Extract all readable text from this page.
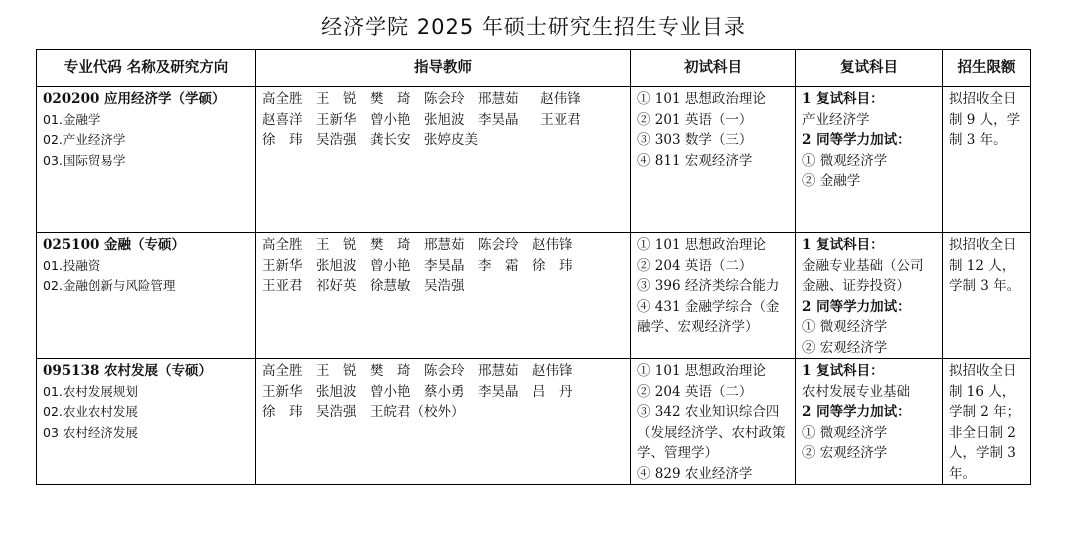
经济学院 2025 年硕士研究生招生专业目录
专业代码 名称及研究方向	指导教师	初试科目	复试科目	招生限额

020200 应用经济学（学硕）
01.金融学
02.产业经济学
03.国际贸易学	高全胜　王　锐　樊　琦　陈会玲　邢慧茹　 赵伟锋
赵喜洋　王新华　曾小艳　张旭波　李昊晶　 王亚君
徐　玮　吴浩强　龚长安　张婷皮美	① 101 思想政治理论
② 201 英语（一）
③ 303 数学（三）
④ 811 宏观经济学	1 复试科目：
产业经济学
2 同等学力加试：
① 微观经济学
② 金融学	拟招收全日制 9 人，学制 3 年。

025100 金融（专硕）
01.投融资
02.金融创新与风险管理	高全胜　王　锐　樊　琦　邢慧茹　陈会玲　赵伟锋
王新华　张旭波　曾小艳　李昊晶　李　霜　徐　玮
王亚君　祁好英　徐慧敏　吴浩强	① 101 思想政治理论
② 204 英语（二）
③ 396 经济类综合能力
④ 431 金融学综合（金融学、宏观经济学）	1 复试科目：
金融专业基础（公司金融、证券投资）
2 同等学力加试：
① 微观经济学
② 宏观经济学	拟招收全日制 12 人，学制 3 年。

095138 农村发展（专硕）
01.农村发展规划
02.农业农村发展
03 农村经济发展	高全胜　王　锐　樊　琦　陈会玲　邢慧茹　赵伟锋
王新华　张旭波　曾小艳　蔡小勇　李昊晶　吕　丹
徐　玮　吴浩强　王皖君（校外）	① 101 思想政治理论
② 204 英语（二）
③ 342 农业知识综合四（发展经济学、农村政策学、管理学）
④ 829 农业经济学	1 复试科目：
农村发展专业基础
2 同等学力加试：
① 微观经济学
② 宏观经济学	拟招收全日制 16 人，学制 2 年；非全日制 2 人，学制 3 年。
